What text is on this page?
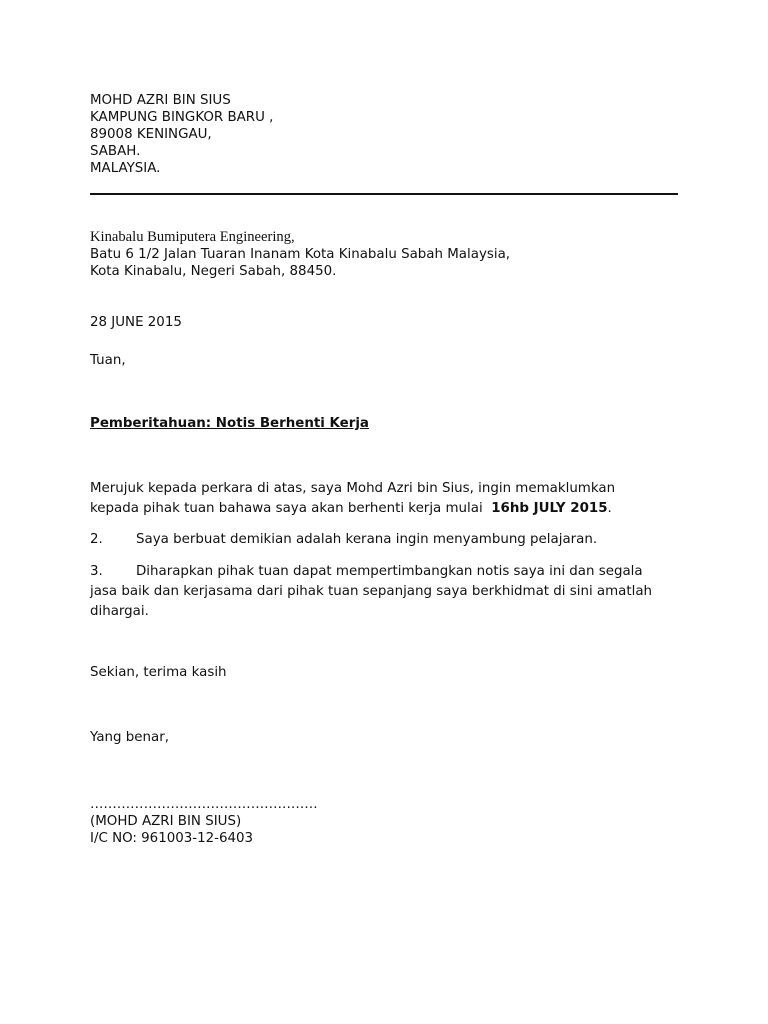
MOHD AZRI BIN SIUS
KAMPUNG BINGKOR BARU ,
89008 KENINGAU,
SABAH.
MALAYSIA.
Kinabalu Bumiputera Engineering,
Batu 6 1/2 Jalan Tuaran Inanam Kota Kinabalu Sabah Malaysia,
Kota Kinabalu, Negeri Sabah, 88450.
28 JUNE 2015
Tuan,
Pemberitahuan: Notis Berhenti Kerja
Merujuk kepada perkara di atas, saya Mohd Azri bin Sius, ingin memaklumkan
kepada pihak tuan bahawa saya akan berhenti kerja mulai  16hb JULY 2015.
2. Saya berbuat demikian adalah kerana ingin menyambung pelajaran.
3. Diharapkan pihak tuan dapat mempertimbangkan notis saya ini dan segala
jasa baik dan kerjasama dari pihak tuan sepanjang saya berkhidmat di sini amatlah
dihargai.
Sekian, terima kasih
Yang benar,
……………………………………………
(MOHD AZRI BIN SIUS)
I/C NO: 961003-12-6403
